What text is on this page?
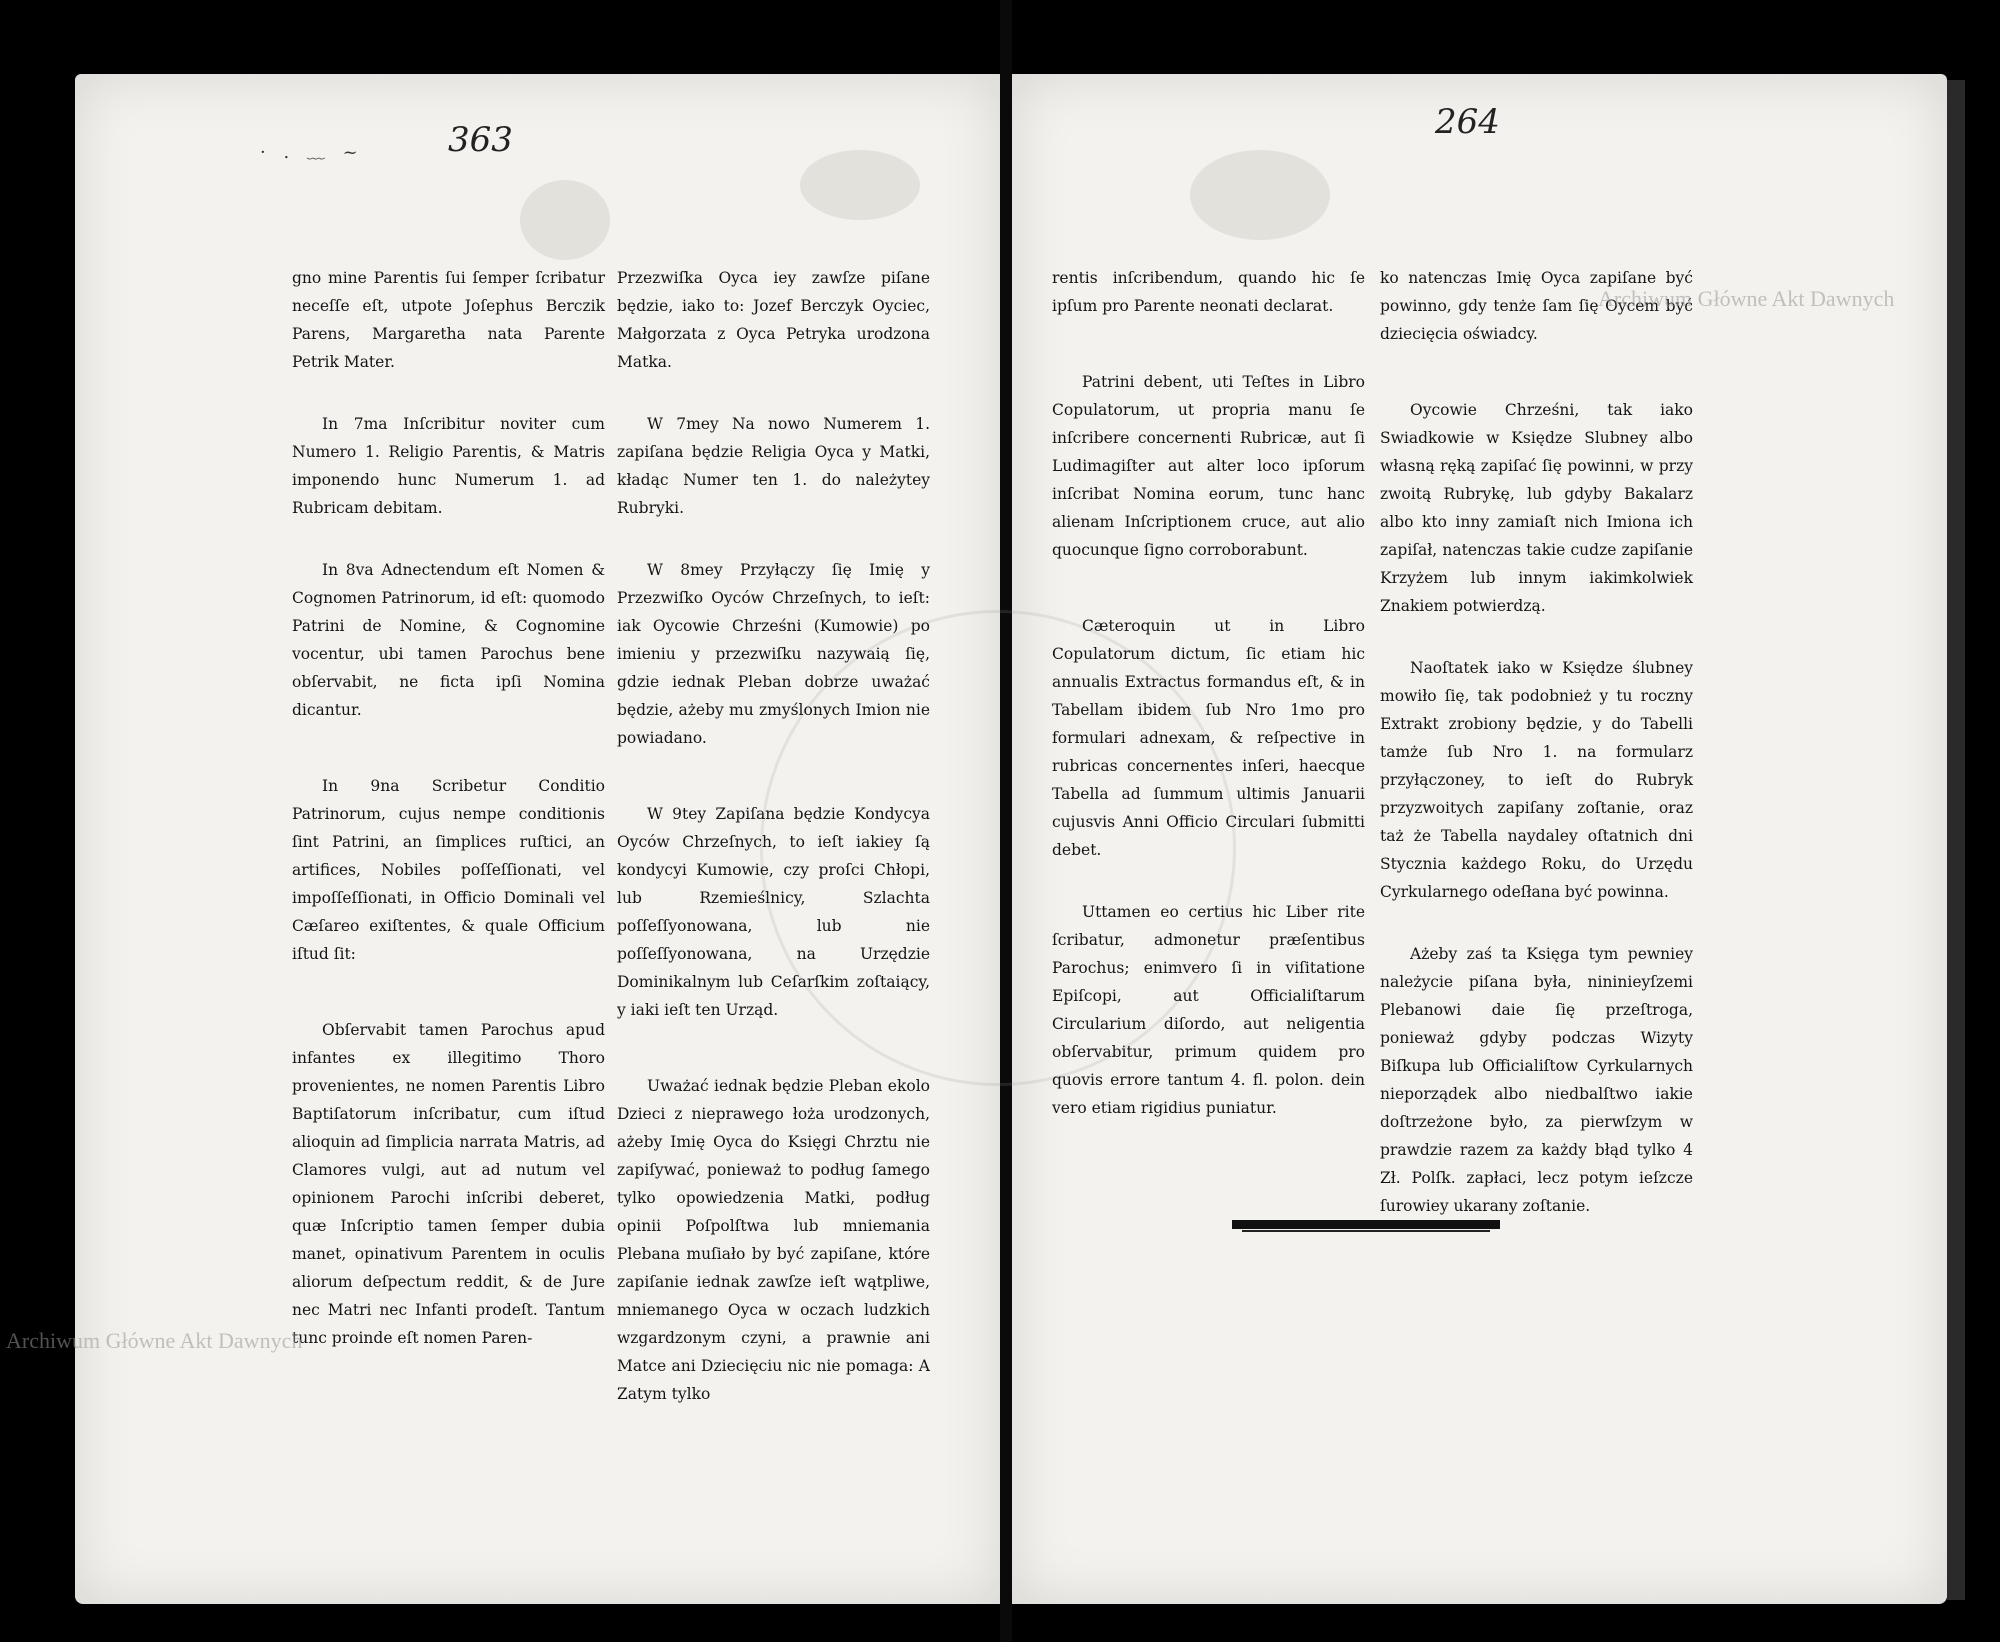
· . ﹏ ~ 363	264

gno mine Parentis ſui ſemper ſcribatur neceſſe eſt, utpote Joſephus Berczik Parens, Margaretha nata Parente Petrik Mater.

In 7ma Inſcribitur noviter cum Numero 1. Religio Parentis, & Matris imponendo hunc Numerum 1. ad Rubricam debitam.

In 8va Adnectendum eſt Nomen & Cognomen Patrinorum, id eſt: quomodo Patrini de Nomine, & Cognomine vocentur, ubi tamen Parochus bene obſervabit, ne ficta ipſi Nomina dicantur.

In 9na Scribetur Conditio Patrinorum, cujus nempe conditionis ſint Patrini, an ſimplices ruſtici, an artifices, Nobiles poſſeſſionati, vel impoſſeſſionati, in Officio Dominali vel Cæſareo exiſtentes, & quale Officium iſtud ſit:

Obſervabit tamen Parochus apud infantes ex illegitimo Thoro provenientes, ne nomen Parentis Libro Baptiſatorum inſcribatur, cum iſtud alioquin ad ſimplicia narrata Matris, ad Clamores vulgi, aut ad nutum vel opinionem Parochi inſcribi deberet, quæ Inſcriptio tamen ſemper dubia manet, opinativum Parentem in oculis aliorum deſpectum reddit, & de Jure nec Matri nec Infanti prodeſt. Tantum tunc proinde eſt nomen Paren-

Przezwiſka Oyca iey zawſze piſane będzie, iako to: Jozef Berczyk Oyciec, Małgorzata z Oyca Petryka urodzona Matka.

W 7mey Na nowo Numerem 1. zapiſana będzie Religia Oyca y Matki, kładąc Numer ten 1. do należytey Rubryki.

W 8mey Przyłączy ſię Imię y Przezwiſko Oyców Chrzeſnych, to ieſt: iak Oycowie Chrześni (Kumowie) po imieniu y przezwiſku nazywaią ſię, gdzie iednak Pleban dobrze uważać będzie, ażeby mu zmyślonych Imion nie powiadano.

W 9tey Zapiſana będzie Kondycya Oyców Chrzeſnych, to ieſt iakiey ſą kondycyi Kumowie, czy proſci Chłopi, lub Rzemieślnicy, Szlachta poſſeſſyonowana, lub nie poſſeſſyonowana, na Urzędzie Dominikalnym lub Ceſarſkim zoſtaiący, y iaki ieſt ten Urząd.

Uważać iednak będzie Pleban ekolo Dzieci z nieprawego łoża urodzonych, ażeby Imię Oyca do Księgi Chrztu nie zapiſywać, ponieważ to podług ſamego tylko opowiedzenia Matki, podług opinii Poſpolſtwa lub mniemania Plebana muſiało by być zapiſane, które zapiſanie iednak zawſze ieſt wątpliwe, mniemanego Oyca w oczach ludzkich wzgardzonym czyni, a prawnie ani Matce ani Dziecięciu nic nie pomaga: A Zatym tylko

rentis inſcribendum, quando hic ſe ipſum pro Parente neonati declarat.

Patrini debent, uti Teſtes in Libro Copulatorum, ut propria manu ſe inſcribere concernenti Rubricæ, aut ſi Ludimagiſter aut alter loco ipſorum inſcribat Nomina eorum, tunc hanc alienam Inſcriptionem cruce, aut alio quocunque ſigno corroborabunt.

Cæteroquin ut in Libro Copulatorum dictum, ſic etiam hic annualis Extractus formandus eſt, & in Tabellam ibidem ſub Nro 1mo pro formulari adnexam, & reſpective in rubricas concernentes inſeri, haecque Tabella ad ſummum ultimis Januarii cujusvis Anni Officio Circulari ſubmitti debet.

Uttamen eo certius hic Liber rite ſcribatur, admonetur præſentibus Parochus; enimvero ſi in viſitatione Epiſcopi, aut Officialiſtarum Circularium diſordo, aut neligentia obſervabitur, primum quidem pro quovis errore tantum 4. fl. polon. dein vero etiam rigidius puniatur.

ko natenczas Imię Oyca zapiſane być powinno, gdy tenże ſam ſię Oycem być dziecięcia oświadcy.

Oycowie Chrześni, tak iako Swiadkowie w Księdze Slubney albo własną ręką zapiſać ſię powinni, w przy zwoitą Rubrykę, lub gdyby Bakalarz albo kto inny zamiaſt nich Imiona ich zapiſał, natenczas takie cudze zapiſanie Krzyżem lub innym iakimkolwiek Znakiem potwierdzą.

Naoſtatek iako w Księdze ślubney mowiło ſię, tak podobnież y tu roczny Extrakt zrobiony będzie, y do Tabelli tamże ſub Nro 1. na formularz przyłączoney, to ieſt do Rubryk przyzwoitych zapiſany zoſtanie, oraz taż że Tabella naydaley oſtatnich dni Stycznia każdego Roku, do Urzędu Cyrkularnego odeſłana być powinna.

Ażeby zaś ta Księga tym pewniey należycie piſana była, nininieyſzemi Plebanowi daie ſię przeſtroga, ponieważ gdyby podczas Wizyty Biſkupa lub Officialiſtow Cyrkularnych nieporządek albo niedbalſtwo iakie doſtrzeżone było, za pierwſzym w prawdzie razem za każdy błąd tylko 4 Zł. Polſk. zapłaci, lecz potym ieſzcze ſurowiey ukarany zoſtanie.

Archiwum Główne Akt Dawnych
Archiwum Główne Akt Dawnych
